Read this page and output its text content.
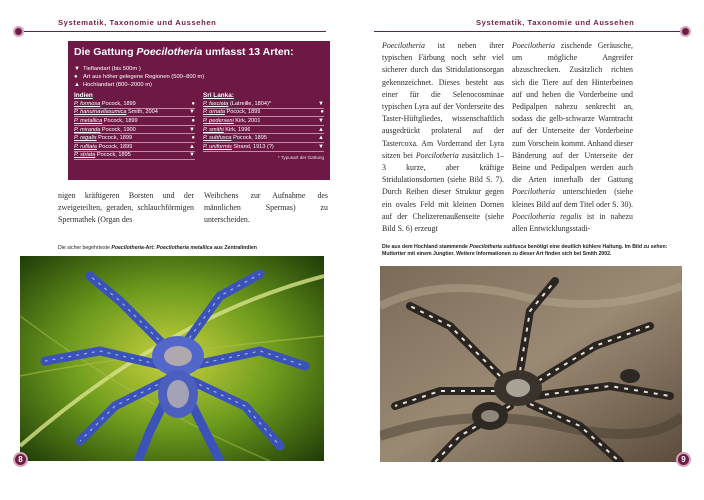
Systematik, Taxonomie und Aussehen
Die Gattung Poecilotheria umfasst 13 Arten:
▼ Tieflandart (bis 500m )
● Art aus höher gelegene Regionen (500–800 m)
▲ Hochlandart (800–2000 m)
Indien
P. formosa Pocock, 1899	●
P. hanumavilasumica Smith, 2004	▼
P. metallica Pocock, 1899	●
P. miranda Pocock, 1900	▼
P. regalis Pocock, 1899	●
P. rufilata Pocock, 1899	▲
P. striata Pocock, 1895	▼
Sri Lanka:
P. fasciata (Latreille, 1804)*	▼
P. ornata Pocock, 1899	●
P. pederseni Kirk, 2001	▼
P. smithi Kirk, 1996	▲
P. subfusca Pocock, 1895	▲
P. uniformis Strand, 1913 (?)	▼
* Typusart der Gattung

nigen kräftigeren Borsten und der zweigeteilten, geraden, schlauchförmigen Spermathek (Organ des

Weibchens zur Aufnahme des männlichen Spermas) zu unterscheiden.

Die sicher begehrteste Poecilotheria-Art: Poecilotheria metallica aus Zentralindien
8
Systematik, Taxonomie und Aussehen

Poecilotheria ist neben ihrer typischen Färbung noch sehr viel sicherer durch das Stridulationsorgan gekennzeichnet. Dieses besteht aus einer für die Selenocosminae typischen Lyra auf der Vorderseite des Taster-Hüftgliedes, wissenschaftlich ausgedrückt prolateral auf der Tastercoxa. Am Vorderrand der Lyra sitzen bei Poecilotheria zusätzlich 1–3 kurze, aber kräftige Stridulationsdornen (siehe Bild S. 7). Durch Reiben dieser Struktur gegen ein ovales Feld mit kleinen Dornen auf der Chelizerenaußenseite (siehe Bild S. 6) erzeugt

Poecilotheria zischende Geräusche, um mögliche Angreifer abzuschrecken. Zusätzlich richten sich die Tiere auf den Hinterbeinen auf und heben die Vorderbeine und Pedipalpen nahezu senkrecht an, sodass die gelb-schwarze Warntracht auf der Unterseite der Vorderbeine zum Vorschein kommt. Anhand dieser Bänderung auf der Unterseite der Beine und Pedipalpen werden auch die Arten innerhalb der Gattung Poecilotheria unterschieden (siehe kleines Bild auf dem Titel oder S. 30). Poecilotheria regalis ist in nahezu allen Entwicklungsstadi-

Die aus dem Hochland stammende Poecilotheria subfusca benötigt eine deutlich kühlere Haltung. Im Bild zu sehen: Muttertier mit einem Jungtier. Weitere Informationen zu dieser Art finden sich bei Smith 2002.
9
